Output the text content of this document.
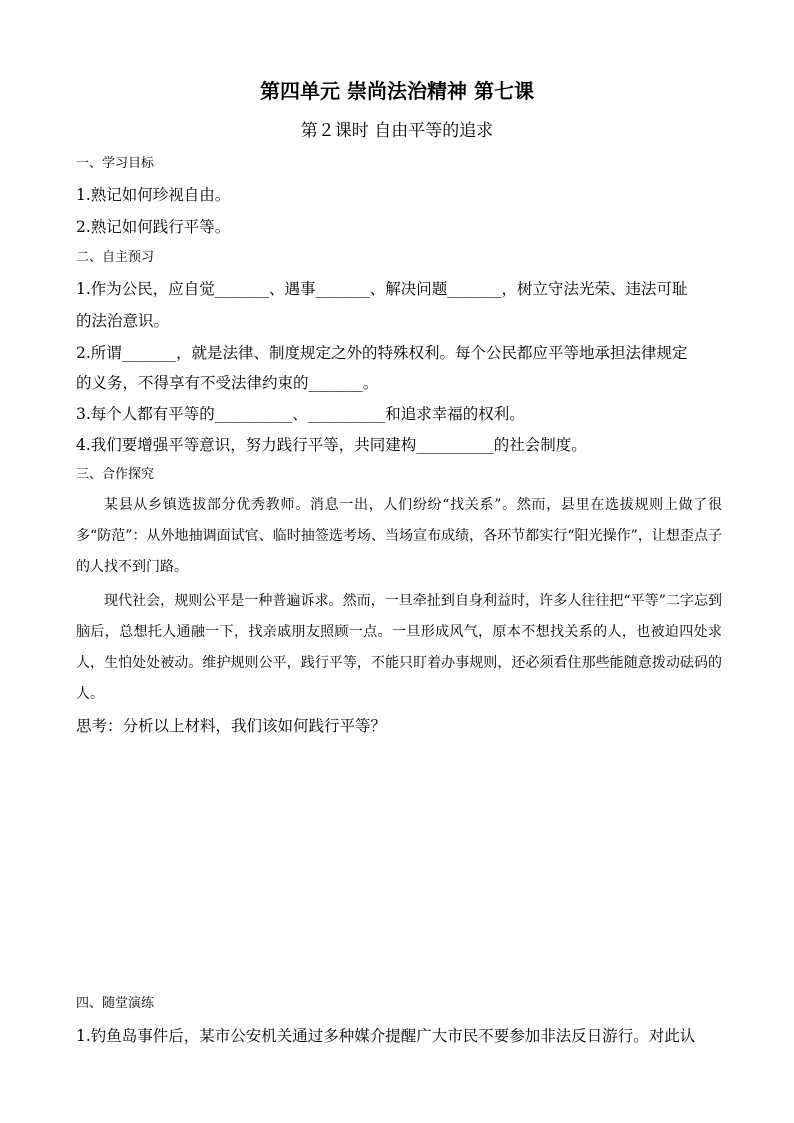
第四单元 崇尚法治精神 第七课
第２课时 自由平等的追求
一、学习目标
1.熟记如何珍视自由。
2.熟记如何践行平等。
二、自主预习
1.作为公民，应自觉_______、遇事_______、解决问题_______，树立守法光荣、违法可耻
的法治意识。
2.所谓_______，就是法律、制度规定之外的特殊权利。每个公民都应平等地承担法律规定
的义务，不得享有不受法律约束的_______。
3.每个人都有平等的__________、__________和追求幸福的权利。
4.我们要增强平等意识，努力践行平等，共同建构__________的社会制度。
三、合作探究
某县从乡镇选拔部分优秀教师。消息一出，人们纷纷“找关系”。然而，县里在选拔规则上做了很多“防范”：从外地抽调面试官、临时抽签选考场、当场宣布成绩，各环节都实行“阳光操作”，让想歪点子的人找不到门路。
现代社会，规则公平是一种普遍诉求。然而，一旦牵扯到自身利益时，许多人往往把“平等”二字忘到脑后，总想托人通融一下，找亲戚朋友照顾一点。一旦形成风气，原本不想找关系的人，也被迫四处求人，生怕处处被动。维护规则公平，践行平等，不能只盯着办事规则，还必须看住那些能随意拨动砝码的人。
思考：分析以上材料，我们该如何践行平等？
四、随堂演练
1.钓鱼岛事件后，某市公安机关通过多种媒介提醒广大市民不要参加非法反日游行。对此认
